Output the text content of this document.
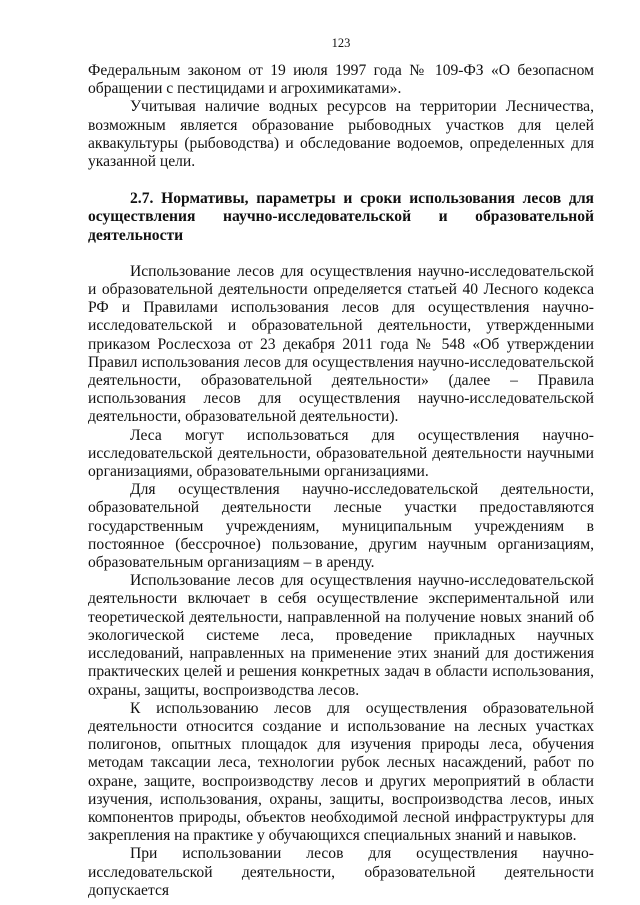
123

Федеральным законом от 19 июля 1997 года № 109-ФЗ «О безопасном обращении с пестицидами и агрохимикатами».

Учитывая наличие водных ресурсов на территории Лесничества, возможным является образование рыбоводных участков для целей аквакультуры (рыбоводства) и обследование водоемов, определенных для указанной цели.

2.7. Нормативы, параметры и сроки использования лесов для осуществления научно-исследовательской и образовательной деятельности

Использование лесов для осуществления научно-исследовательской и образовательной деятельности определяется статьей 40 Лесного кодекса РФ и Правилами использования лесов для осуществления научно-исследовательской и образовательной деятельности, утвержденными приказом Рослесхоза от 23 декабря 2011 года № 548 «Об утверждении Правил использования лесов для осуществления научно-исследовательской деятельности, образовательной деятельности» (далее – Правила использования лесов для осуществления научно-исследовательской деятельности, образовательной деятельности).

Леса могут использоваться для осуществления научно-исследовательской деятельности, образовательной деятельности научными организациями, образовательными организациями.

Для осуществления научно-исследовательской деятельности, образовательной деятельности лесные участки предоставляются государственным учреждениям, муниципальным учреждениям в постоянное (бессрочное) пользование, другим научным организациям, образовательным организациям – в аренду.

Использование лесов для осуществления научно-исследовательской деятельности включает в себя осуществление экспериментальной или теоретической деятельности, направленной на получение новых знаний об экологической системе леса, проведение прикладных научных исследований, направленных на применение этих знаний для достижения практических целей и решения конкретных задач в области использования, охраны, защиты, воспроизводства лесов.

К использованию лесов для осуществления образовательной деятельности относится создание и использование на лесных участках полигонов, опытных площадок для изучения природы леса, обучения методам таксации леса, технологии рубок лесных насаждений, работ по охране, защите, воспроизводству лесов и других мероприятий в области изучения, использования, охраны, защиты, воспроизводства лесов, иных компонентов природы, объектов необходимой лесной инфраструктуры для закрепления на практике у обучающихся специальных знаний и навыков.

При использовании лесов для осуществления научно-исследовательской деятельности, образовательной деятельности допускается
